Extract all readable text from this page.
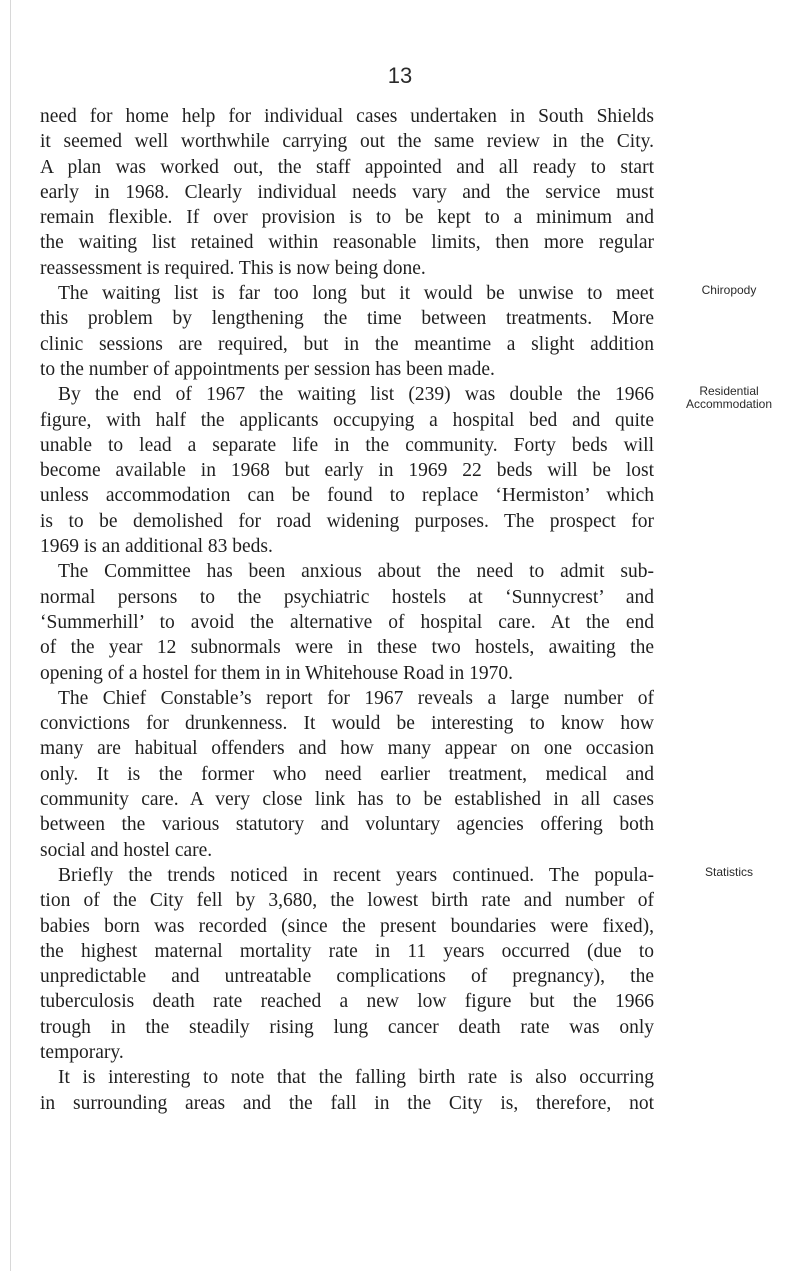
13
need for home help for individual cases undertaken in South Shields
it seemed well worthwhile carrying out the same review in the City.
A plan was worked out, the staff appointed and all ready to start
early in 1968. Clearly individual needs vary and the service must
remain flexible. If over provision is to be kept to a minimum and
the waiting list retained within reasonable limits, then more regular
reassessment is required. This is now being done.
The waiting list is far too long but it would be unwise to meet
this problem by lengthening the time between treatments. More
clinic sessions are required, but in the meantime a slight addition
to the number of appointments per session has been made.
By the end of 1967 the waiting list (239) was double the 1966
figure, with half the applicants occupying a hospital bed and quite
unable to lead a separate life in the community. Forty beds will
become available in 1968 but early in 1969 22 beds will be lost
unless accommodation can be found to replace ‘Hermiston’ which
is to be demolished for road widening purposes. The prospect for
1969 is an additional 83 beds.
The Committee has been anxious about the need to admit sub-
normal persons to the psychiatric hostels at ‘Sunnycrest’ and
‘Summerhill’ to avoid the alternative of hospital care. At the end
of the year 12 subnormals were in these two hostels, awaiting the
opening of a hostel for them in in Whitehouse Road in 1970.
The Chief Constable’s report for 1967 reveals a large number of
convictions for drunkenness. It would be interesting to know how
many are habitual offenders and how many appear on one occasion
only. It is the former who need earlier treatment, medical and
community care. A very close link has to be established in all cases
between the various statutory and voluntary agencies offering both
social and hostel care.
Briefly the trends noticed in recent years continued. The popula-
tion of the City fell by 3,680, the lowest birth rate and number of
babies born was recorded (since the present boundaries were fixed),
the highest maternal mortality rate in 11 years occurred (due to
unpredictable and untreatable complications of pregnancy), the
tuberculosis death rate reached a new low figure but the 1966
trough in the steadily rising lung cancer death rate was only
temporary.
It is interesting to note that the falling birth rate is also occurring
in surrounding areas and the fall in the City is, therefore, not
Chiropody
Residential
Accommodation
Statistics
